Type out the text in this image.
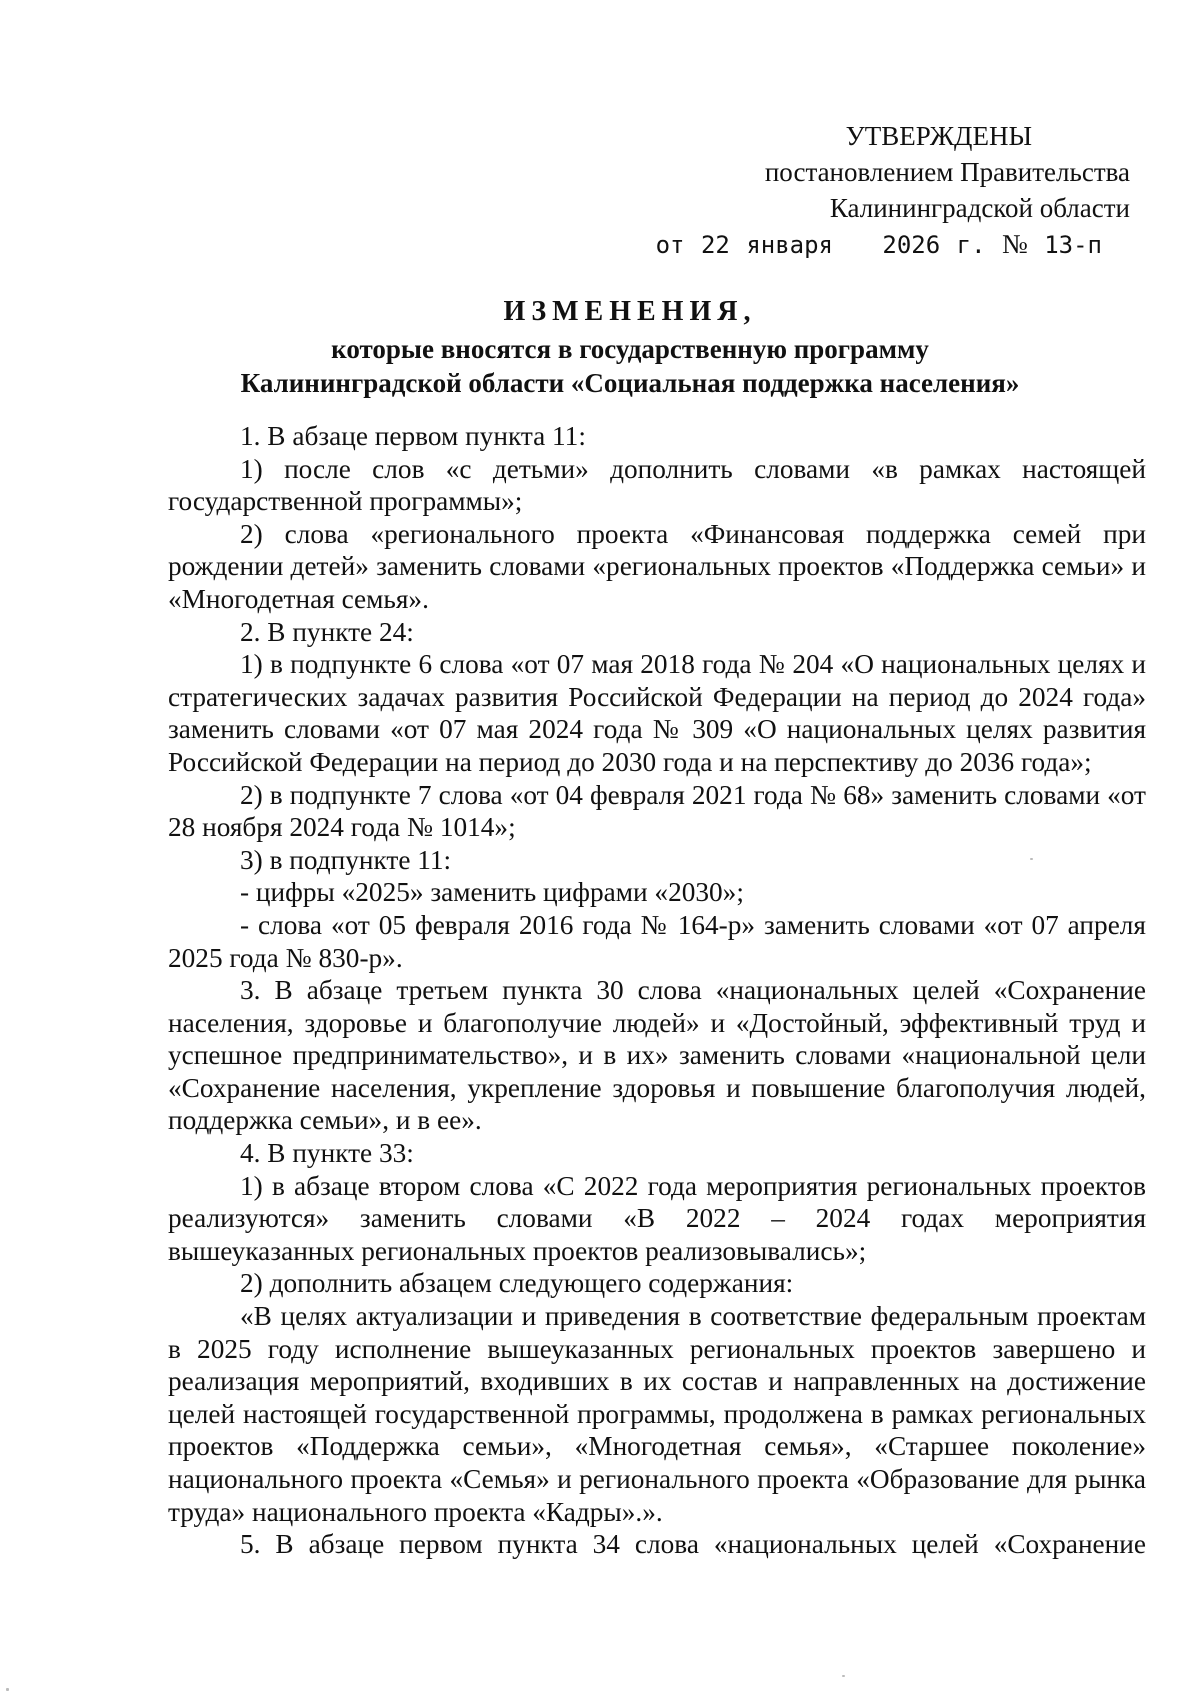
УТВЕРЖДЕНЫ
постановлением Правительства
Калининградской области
от 22 января 2026 г. № 13-п
ИЗМЕНЕНИЯ,
которые вносятся в государственную программу
Калининградской области «Социальная поддержка населения»

1. В абзаце первом пункта 11:

1) после слов «с детьми» дополнить словами «в рамках настоящей государственной программы»;

2) слова «регионального проекта «Финансовая поддержка семей при рождении детей» заменить словами «региональных проектов «Поддержка семьи» и «Многодетная семья».

2. В пункте 24:

1) в подпункте 6 слова «от 07 мая 2018 года № 204 «О национальных целях и стратегических задачах развития Российской Федерации на период до 2024 года» заменить словами «от 07 мая 2024 года № 309 «О национальных целях развития Российской Федерации на период до 2030 года и на перспективу до 2036 года»;

2) в подпункте 7 слова «от 04 февраля 2021 года № 68» заменить словами «от 28 ноября 2024 года № 1014»;

3) в подпункте 11:

- цифры «2025» заменить цифрами «2030»;

- слова «от 05 февраля 2016 года № 164-р» заменить словами «от 07 апреля 2025 года № 830-р».

3. В абзаце третьем пункта 30 слова «национальных целей «Сохранение населения, здоровье и благополучие людей» и «Достойный, эффективный труд и успешное предпринимательство», и в их» заменить словами «национальной цели «Сохранение населения, укрепление здоровья и повышение благополучия людей, поддержка семьи», и в ее».

4. В пункте 33:

1) в абзаце втором слова «С 2022 года мероприятия региональных проектов реализуются» заменить словами «В 2022 – 2024 годах мероприятия вышеуказанных региональных проектов реализовывались»;

2) дополнить абзацем следующего содержания:

«В целях актуализации и приведения в соответствие федеральным проектам в 2025 году исполнение вышеуказанных региональных проектов завершено и реализация мероприятий, входивших в их состав и направленных на достижение целей настоящей государственной программы, продолжена в рамках региональных проектов «Поддержка семьи», «Многодетная семья», «Старшее поколение» национального проекта «Семья» и регионального проекта «Образование для рынка труда» национального проекта «Кадры».».

5. В абзаце первом пункта 34 слова «национальных целей «Сохранение
